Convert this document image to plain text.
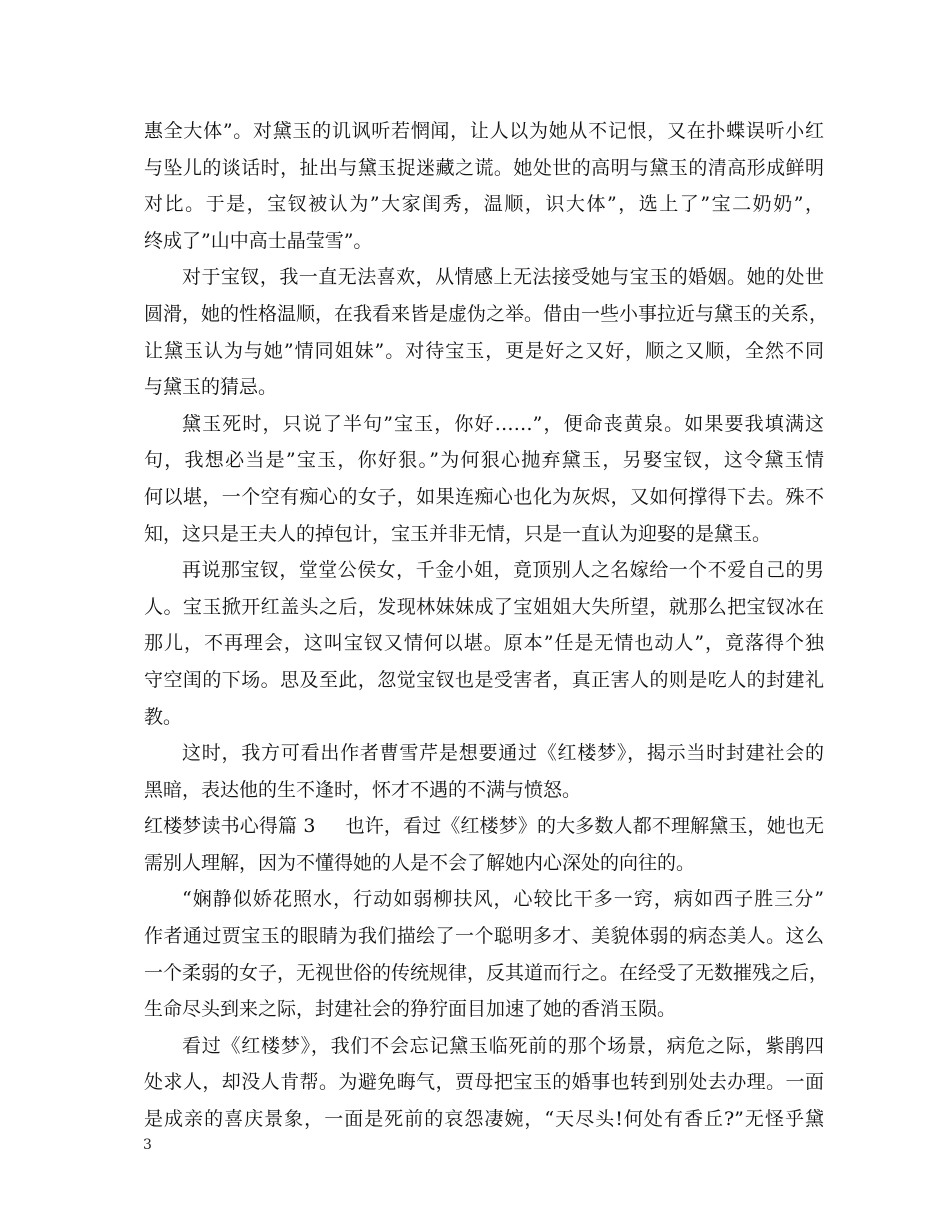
惠全大体”。对黛玉的讥讽听若惘闻，让人以为她从不记恨，又在扑蝶误听小红
与坠儿的谈话时，扯出与黛玉捉迷藏之谎。她处世的高明与黛玉的清高形成鲜明
对比。于是，宝钗被认为”大家闺秀，温顺，识大体”，选上了”宝二奶奶”，
终成了”山中高士晶莹雪”。
对于宝钗，我一直无法喜欢，从情感上无法接受她与宝玉的婚姻。她的处世
圆滑，她的性格温顺，在我看来皆是虚伪之举。借由一些小事拉近与黛玉的关系，
让黛玉认为与她”情同姐妹”。对待宝玉，更是好之又好，顺之又顺，全然不同
与黛玉的猜忌。
黛玉死时，只说了半句”宝玉，你好……”，便命丧黄泉。如果要我填满这
句，我想必当是”宝玉，你好狠。”为何狠心抛弃黛玉，另娶宝钗，这令黛玉情
何以堪，一个空有痴心的女子，如果连痴心也化为灰烬，又如何撑得下去。殊不
知，这只是王夫人的掉包计，宝玉并非无情，只是一直认为迎娶的是黛玉。
再说那宝钗，堂堂公侯女，千金小姐，竟顶别人之名嫁给一个不爱自己的男
人。宝玉掀开红盖头之后，发现林妹妹成了宝姐姐大失所望，就那么把宝钗冰在
那儿，不再理会，这叫宝钗又情何以堪。原本”任是无情也动人”，竟落得个独
守空闺的下场。思及至此，忽觉宝钗也是受害者，真正害人的则是吃人的封建礼
教。
这时，我方可看出作者曹雪芹是想要通过《红楼梦》，揭示当时封建社会的
黑暗，表达他的生不逢时，怀才不遇的不满与愤怒。
红楼梦读书心得篇 3 也许，看过《红楼梦》的大多数人都不理解黛玉，她也无
需别人理解，因为不懂得她的人是不会了解她内心深处的向往的。
“娴静似娇花照水，行动如弱柳扶风，心较比干多一窍，病如西子胜三分”
作者通过贾宝玉的眼睛为我们描绘了一个聪明多才、美貌体弱的病态美人。这么
一个柔弱的女子，无视世俗的传统规律，反其道而行之。在经受了无数摧残之后，
生命尽头到来之际，封建社会的狰狞面目加速了她的香消玉陨。
看过《红楼梦》，我们不会忘记黛玉临死前的那个场景，病危之际，紫鹃四
处求人，却没人肯帮。为避免晦气，贾母把宝玉的婚事也转到别处去办理。一面
是成亲的喜庆景象，一面是死前的哀怨凄婉，“天尽头!何处有香丘?”无怪乎黛
3
